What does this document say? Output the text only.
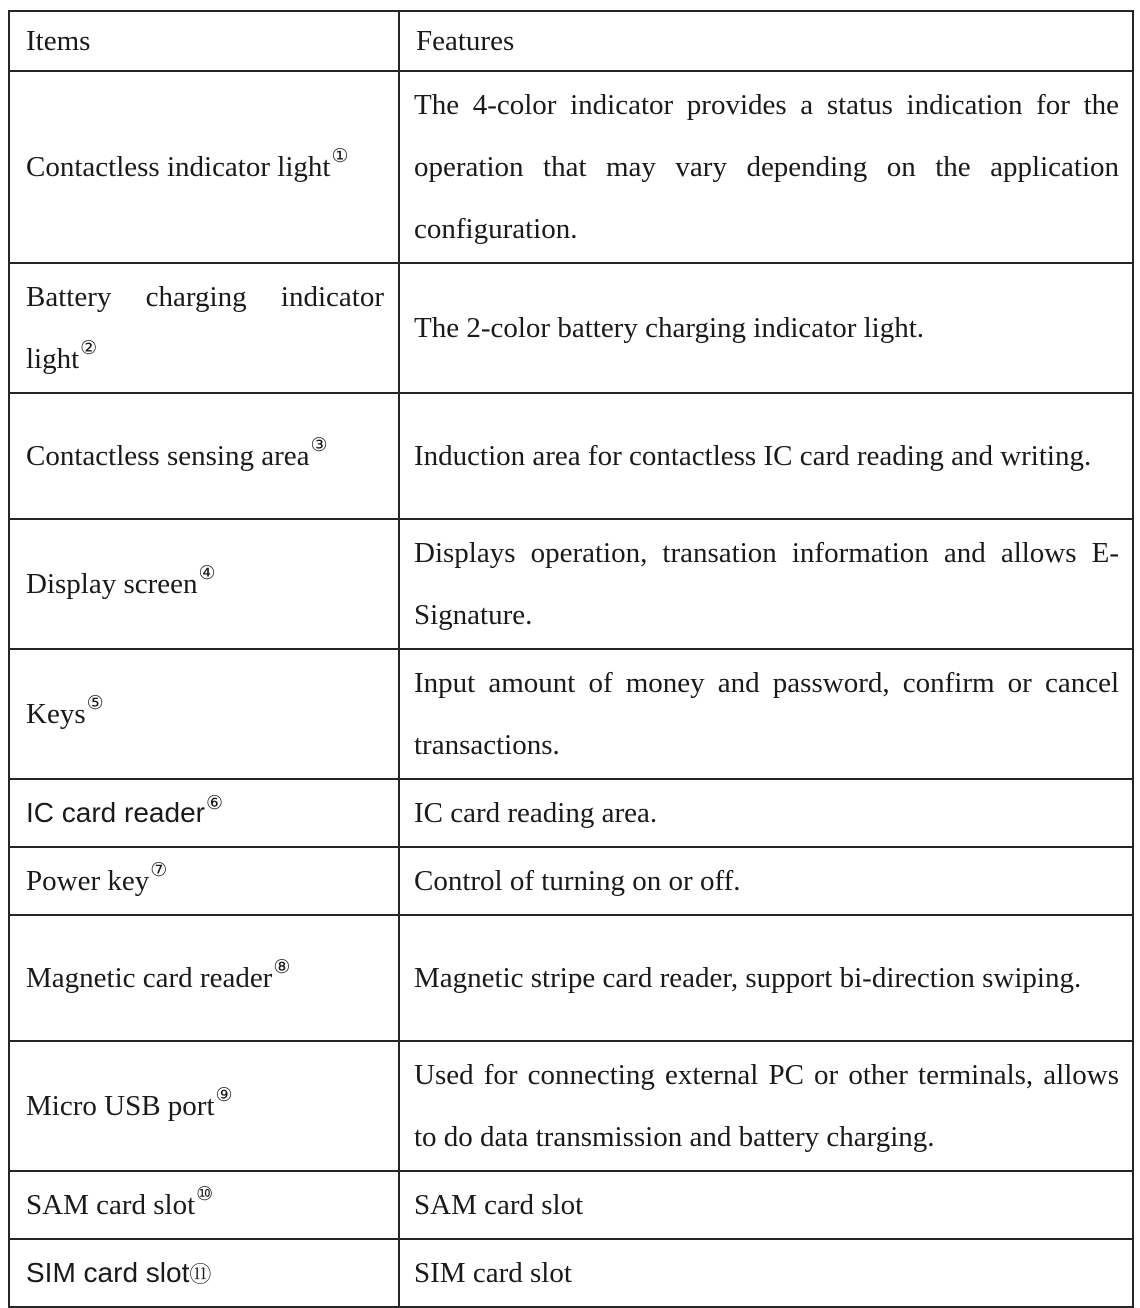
Items	Features

Contactless indicator light①	The 4-color indicator provides a status indication for the operation that may vary depending on the application configuration.

Battery charging indicator light②	The 2-color battery charging indicator light.

Contactless sensing area③	Induction area for contactless IC card reading and writing.

Display screen④	Displays operation, transation information and allows E-Signature.

Keys⑤	Input amount of money and password, confirm or cancel transactions.

IC card reader⑥	IC card reading area.

Power key⑦	Control of turning on or off.

Magnetic card reader⑧	Magnetic stripe card reader, support bi-direction swiping.

Micro USB port⑨	Used for connecting external PC or other terminals, allows to do data transmission and battery charging.

SAM card slot⑩	SAM card slot

SIM card slot⑪	SIM card slot
